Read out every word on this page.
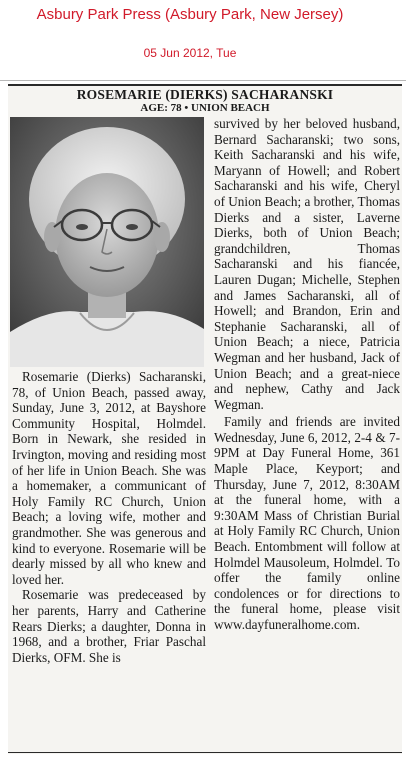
Asbury Park Press (Asbury Park, New Jersey)
05 Jun 2012, Tue
ROSEMARIE (DIERKS) SACHARANSKI
AGE: 78 • UNION BEACH

Rosemarie (Dierks) Sacharanski, 78, of Union Beach, passed away, Sunday, June 3, 2012, at Bayshore Community Hospital, Holmdel. Born in Newark, she resided in Irvington, moving and residing most of her life in Union Beach. She was a homemaker, a communicant of Holy Family RC Church, Union Beach; a loving wife, mother and grandmother. She was generous and kind to everyone. Rosemarie will be dearly missed by all who knew and loved her.

Rosemarie was predeceased by her parents, Harry and Catherine Rears Dierks; a daughter, Donna in 1968, and a brother, Friar Paschal Dierks, OFM. She is

survived by her beloved husband, Bernard Sacharanski; two sons, Keith Sacharanski and his wife, Maryann of Howell; and Robert Sacharanski and his wife, Cheryl of Union Beach; a brother, Thomas Dierks and a sister, Laverne Dierks, both of Union Beach; grandchildren, Thomas Sacharanski and his fiancée, Lauren Dugan; Michelle, Stephen and James Sacharanski, all of Howell; and Brandon, Erin and Stephanie Sacharanski, all of Union Beach; a niece, Patricia Wegman and her husband, Jack of Union Beach; and a great-niece and nephew, Cathy and Jack Wegman.

Family and friends are invited Wednesday, June 6, 2012, 2-4 & 7-9PM at Day Funeral Home, 361 Maple Place, Keyport; and Thursday, June 7, 2012, 8:30AM at the funeral home, with a 9:30AM Mass of Christian Burial at Holy Family RC Church, Union Beach. Entombment will follow at Holmdel Mausoleum, Holmdel. To offer the family online condolences or for directions to the funeral home, please visit www.dayfuneralhome.com.
